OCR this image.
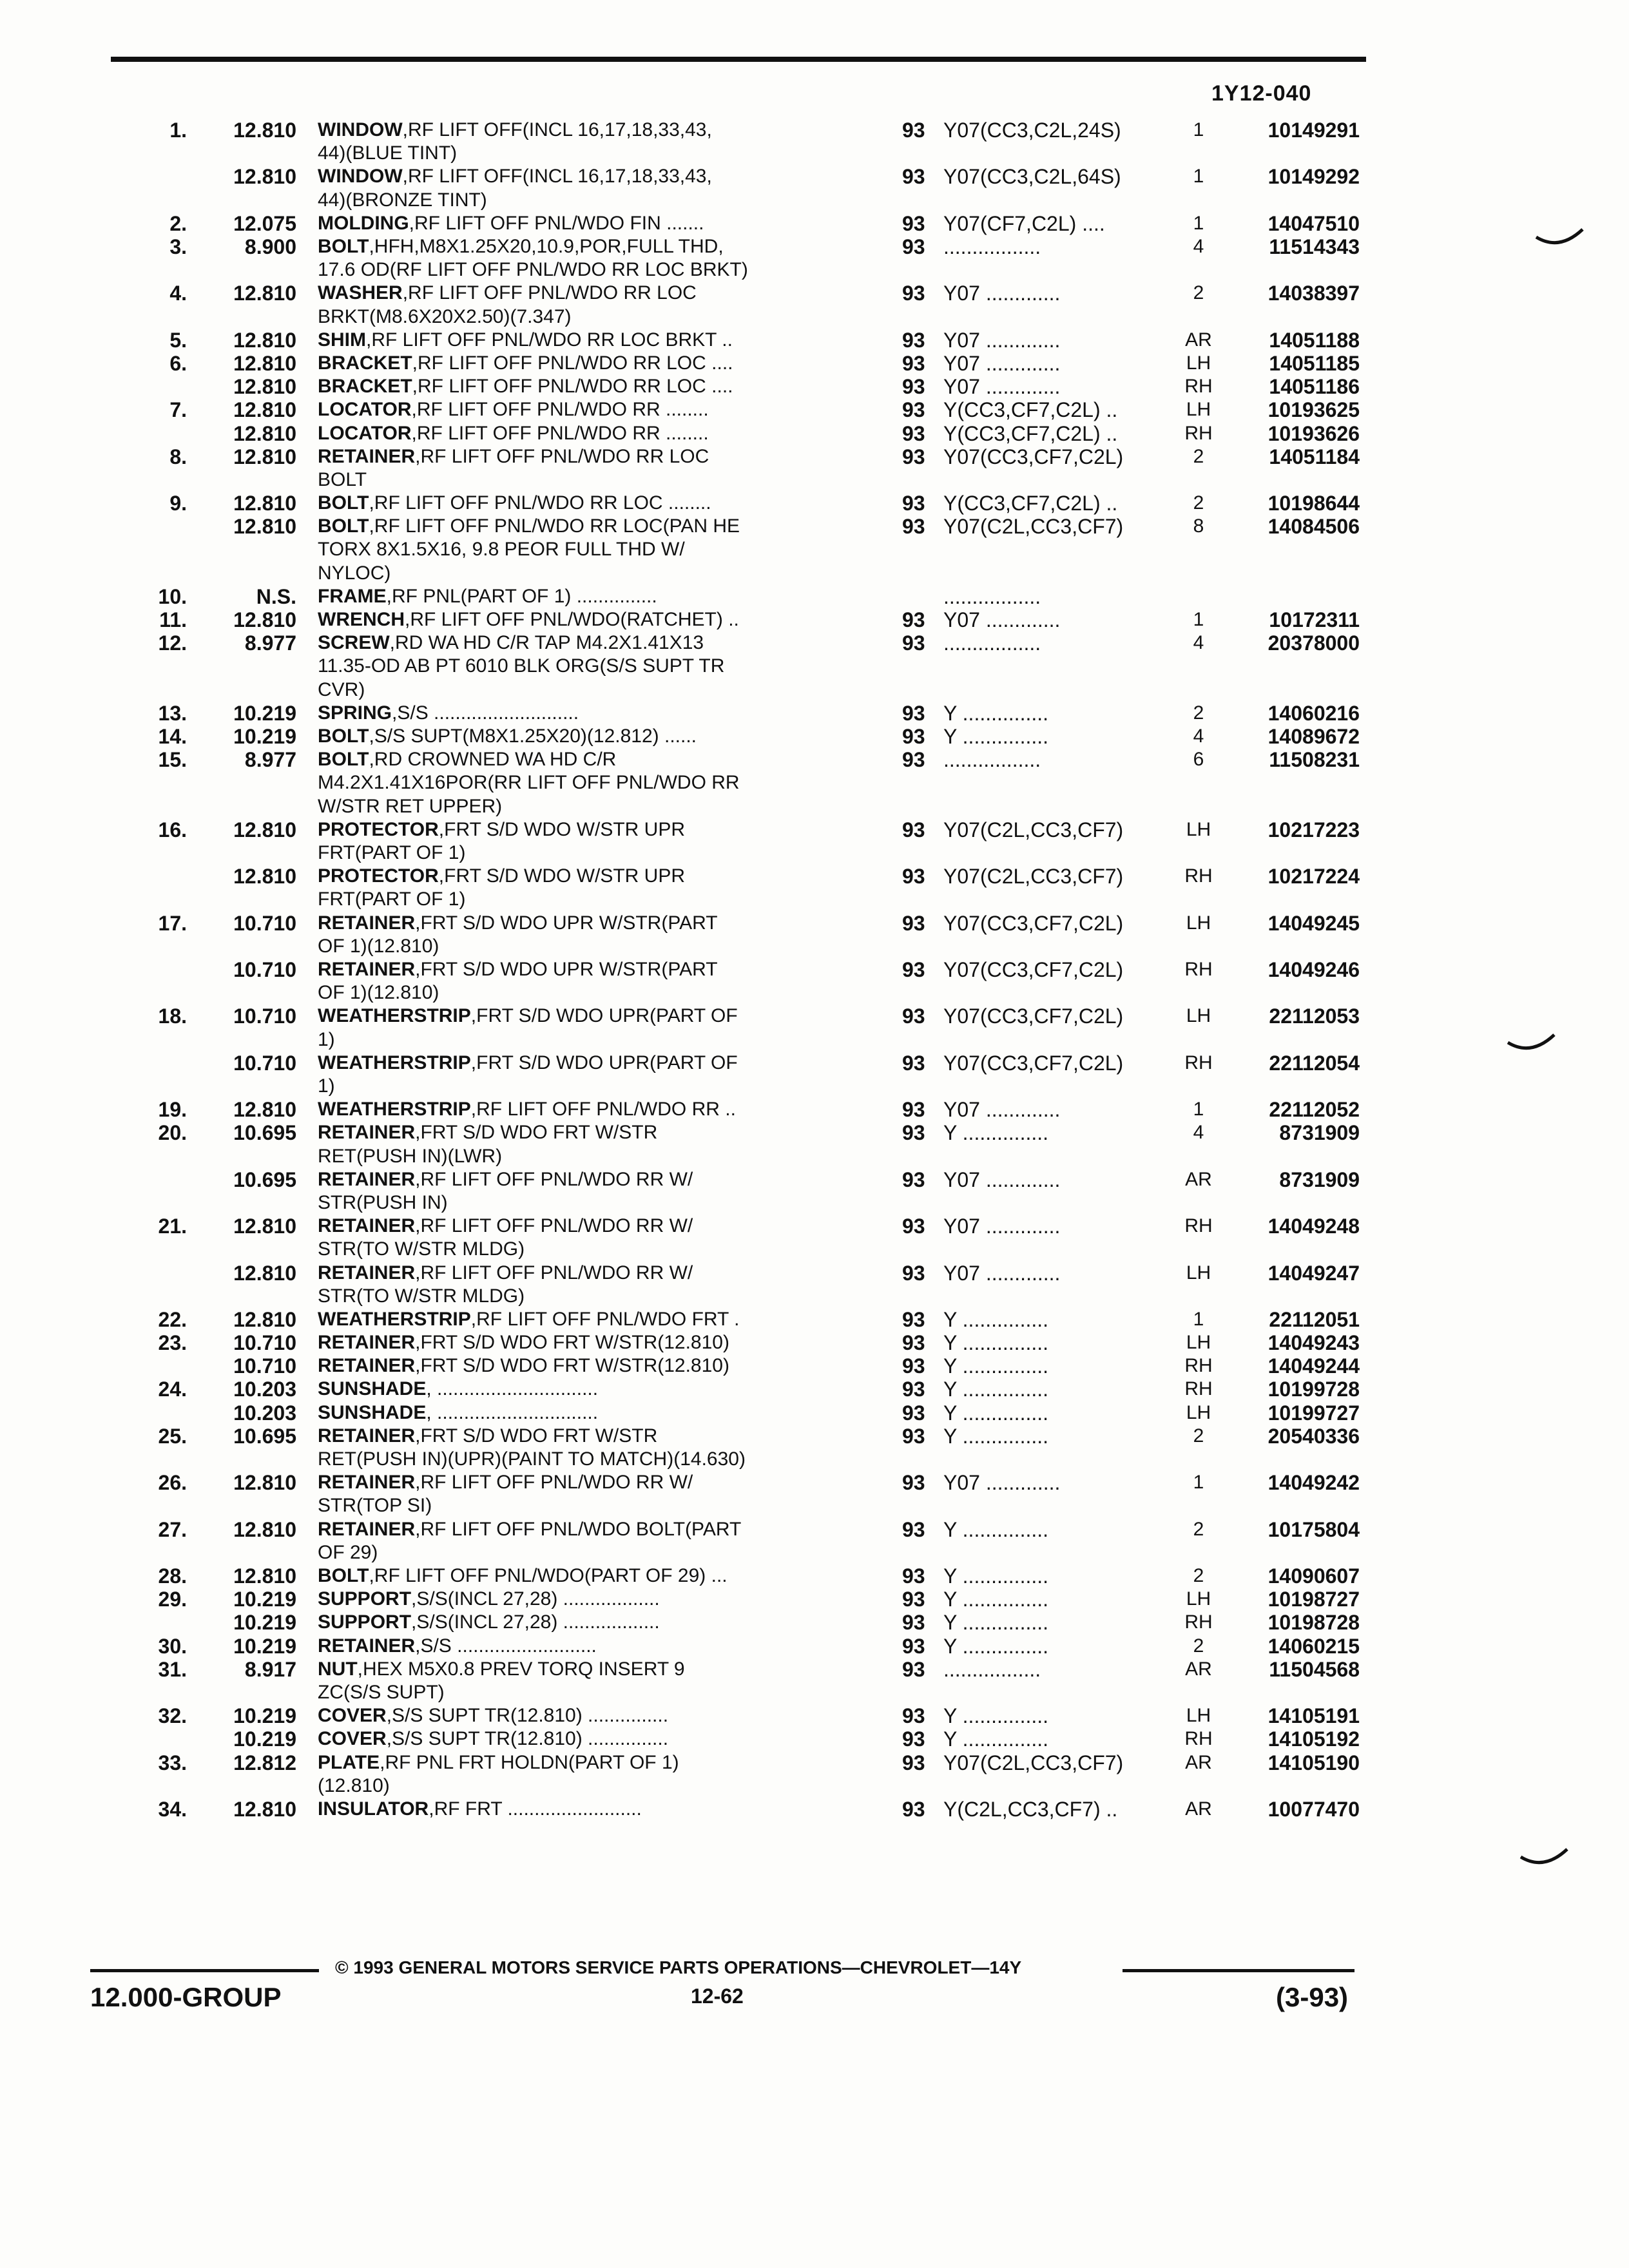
1Y12-040
1.	12.810 WINDOW,RF LIFT OFF(INCL 16,17,18,33,43,
44)(BLUE TINT)
93 Y07(CC3,C2L,24S)	1	10149291
12.810 WINDOW,RF LIFT OFF(INCL 16,17,18,33,43,
44)(BRONZE TINT)
93 Y07(CC3,C2L,64S)	1	10149292
2.	12.075 MOLDING,RF LIFT OFF PNL/WDO FIN .......	93 Y07(CF7,C2L) ....	1	14047510
3.	8.900 BOLT,HFH,M8X1.25X20,10.9,POR,FULL THD,
17.6 OD(RF LIFT OFF PNL/WDO RR LOC BRKT)
93 .................	4	11514343
4.	12.810 WASHER,RF LIFT OFF PNL/WDO RR LOC
BRKT(M8.6X20X2.50)(7.347)
93 Y07 .............	2	14038397
5.	12.810 SHIM,RF LIFT OFF PNL/WDO RR LOC BRKT ..	93 Y07 .............	AR	14051188
6.	12.810 BRACKET,RF LIFT OFF PNL/WDO RR LOC ....	93 Y07 .............	LH	14051185
12.810 BRACKET,RF LIFT OFF PNL/WDO RR LOC ....	93 Y07 .............	RH	14051186
7.	12.810 LOCATOR,RF LIFT OFF PNL/WDO RR ........	93 Y(CC3,CF7,C2L) ..	LH	10193625
12.810 LOCATOR,RF LIFT OFF PNL/WDO RR ........	93 Y(CC3,CF7,C2L) ..	RH	10193626
8.	12.810 RETAINER,RF LIFT OFF PNL/WDO RR LOC
BOLT
93 Y07(CC3,CF7,C2L)	2	14051184
9.	12.810 BOLT,RF LIFT OFF PNL/WDO RR LOC ........	93 Y(CC3,CF7,C2L) ..	2	10198644
12.810 BOLT,RF LIFT OFF PNL/WDO RR LOC(PAN HE
TORX 8X1.5X16, 9.8 PEOR FULL THD W/
NYLOC)
93 Y07(C2L,CC3,CF7)	8	14084506
10.	N.S. FRAME,RF PNL(PART OF 1) ...............	.................
11.	12.810 WRENCH,RF LIFT OFF PNL/WDO(RATCHET) ..	93 Y07 .............	1	10172311
12.	8.977 SCREW,RD WA HD C/R TAP M4.2X1.41X13
11.35-OD AB PT 6010 BLK ORG(S/S SUPT TR
CVR)
93 .................	4	20378000
13.	10.219 SPRING,S/S ...........................	93 Y ...............	2	14060216
14.	10.219 BOLT,S/S SUPT(M8X1.25X20)(12.812) ......	93 Y ...............	4	14089672
15.	8.977 BOLT,RD CROWNED WA HD C/R
M4.2X1.41X16POR(RR LIFT OFF PNL/WDO RR
W/STR RET UPPER)
93 .................	6	11508231
16.	12.810 PROTECTOR,FRT S/D WDO W/STR UPR
FRT(PART OF 1)
93 Y07(C2L,CC3,CF7)	LH	10217223
12.810 PROTECTOR,FRT S/D WDO W/STR UPR
FRT(PART OF 1)
93 Y07(C2L,CC3,CF7)	RH	10217224
17.	10.710 RETAINER,FRT S/D WDO UPR W/STR(PART
OF 1)(12.810)
93 Y07(CC3,CF7,C2L)	LH	14049245
10.710 RETAINER,FRT S/D WDO UPR W/STR(PART
OF 1)(12.810)
93 Y07(CC3,CF7,C2L)	RH	14049246
18.	10.710 WEATHERSTRIP,FRT S/D WDO UPR(PART OF
1)
93 Y07(CC3,CF7,C2L)	LH	22112053
10.710 WEATHERSTRIP,FRT S/D WDO UPR(PART OF
1)
93 Y07(CC3,CF7,C2L)	RH	22112054
19.	12.810 WEATHERSTRIP,RF LIFT OFF PNL/WDO RR ..	93 Y07 .............	1	22112052
20.	10.695 RETAINER,FRT S/D WDO FRT W/STR
RET(PUSH IN)(LWR)
93 Y ...............	4	8731909
10.695 RETAINER,RF LIFT OFF PNL/WDO RR W/
STR(PUSH IN)
93 Y07 .............	AR	8731909
21.	12.810 RETAINER,RF LIFT OFF PNL/WDO RR W/
STR(TO W/STR MLDG)
93 Y07 .............	RH	14049248
12.810 RETAINER,RF LIFT OFF PNL/WDO RR W/
STR(TO W/STR MLDG)
93 Y07 .............	LH	14049247
22.	12.810 WEATHERSTRIP,RF LIFT OFF PNL/WDO FRT .	93 Y ...............	1	22112051
23.	10.710 RETAINER,FRT S/D WDO FRT W/STR(12.810)	93 Y ...............	LH	14049243
10.710 RETAINER,FRT S/D WDO FRT W/STR(12.810)	93 Y ...............	RH	14049244
24.	10.203 SUNSHADE, ..............................	93 Y ...............	RH	10199728
10.203 SUNSHADE, ..............................	93 Y ...............	LH	10199727
25.	10.695 RETAINER,FRT S/D WDO FRT W/STR
RET(PUSH IN)(UPR)(PAINT TO MATCH)(14.630)
93 Y ...............	2	20540336
26.	12.810 RETAINER,RF LIFT OFF PNL/WDO RR W/
STR(TOP SI)
93 Y07 .............	1	14049242
27.	12.810 RETAINER,RF LIFT OFF PNL/WDO BOLT(PART
OF 29)
93 Y ...............	2	10175804
28.	12.810 BOLT,RF LIFT OFF PNL/WDO(PART OF 29) ...	93 Y ...............	2	14090607
29.	10.219 SUPPORT,S/S(INCL 27,28) ..................	93 Y ...............	LH	10198727
10.219 SUPPORT,S/S(INCL 27,28) ..................	93 Y ...............	RH	10198728
30.	10.219 RETAINER,S/S ..........................	93 Y ...............	2	14060215
31.	8.917 NUT,HEX M5X0.8 PREV TORQ INSERT 9
ZC(S/S SUPT)
93 .................	AR	11504568
32.	10.219 COVER,S/S SUPT TR(12.810) ...............	93 Y ...............	LH	14105191
10.219 COVER,S/S SUPT TR(12.810) ...............	93 Y ...............	RH	14105192
33.	12.812 PLATE,RF PNL FRT HOLDN(PART OF 1)
(12.810)
93 Y07(C2L,CC3,CF7)	AR	14105190
34.	12.810 INSULATOR,RF FRT .........................	93 Y(C2L,CC3,CF7) ..	AR	10077470
© 1993 GENERAL MOTORS SERVICE PARTS OPERATIONS—CHEVROLET—14Y
12.000-GROUP	12-62	(3-93)
